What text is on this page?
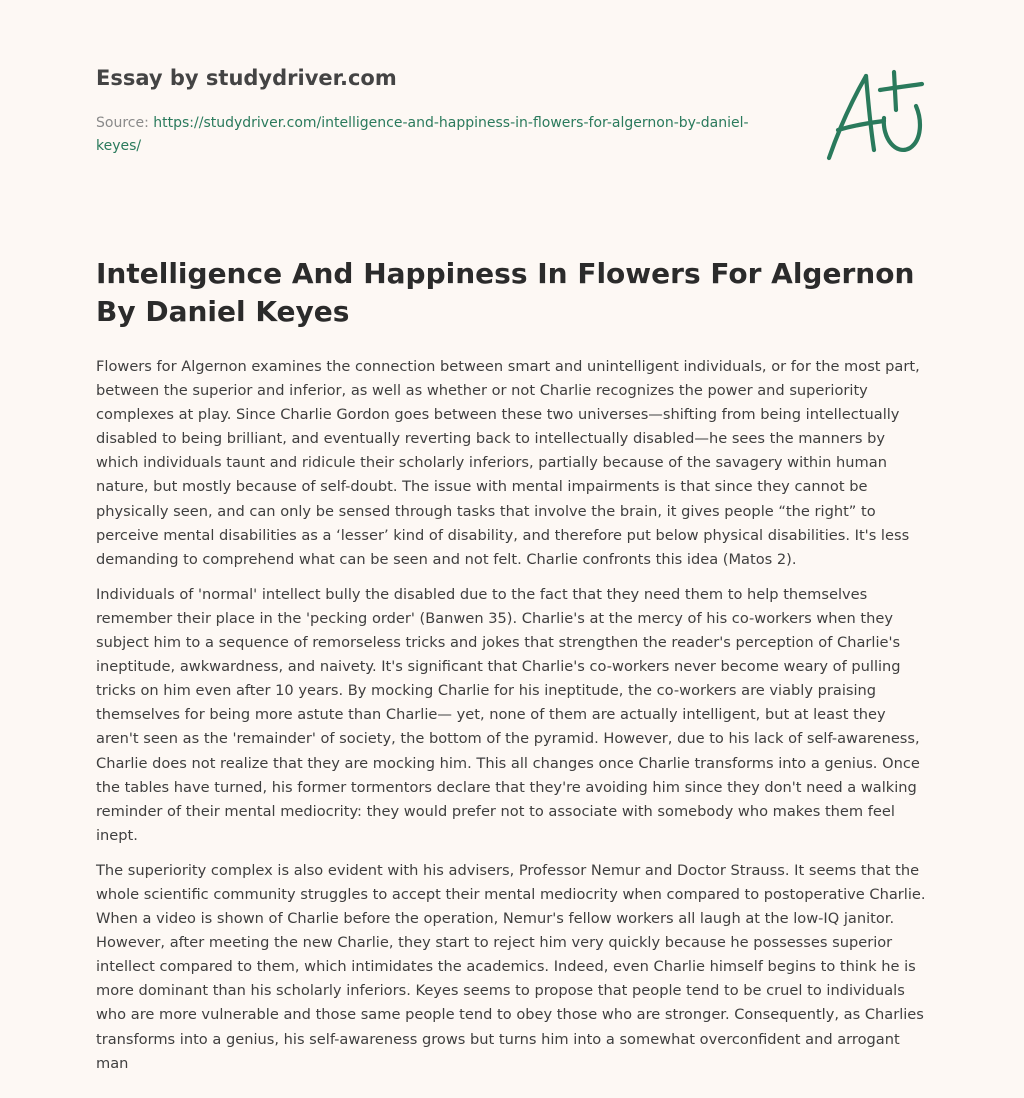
Essay by studydriver.com
Source: https://studydriver.com/intelligence-and-happiness-in-flowers-for-algernon-by-daniel-keyes/
Intelligence And Happiness In Flowers For Algernon By Daniel Keyes

Flowers for Algernon examines the connection between smart and unintelligent individuals, or for the most part, between the superior and inferior, as well as whether or not Charlie recognizes the power and superiority complexes at play. Since Charlie Gordon goes between these two universes—shifting from being intellectually disabled to being brilliant, and eventually reverting back to intellectually disabled—he sees the manners by which individuals taunt and ridicule their scholarly inferiors, partially because of the savagery within human nature, but mostly because of self-doubt. The issue with mental impairments is that since they cannot be physically seen, and can only be sensed through tasks that involve the brain, it gives people “the right” to perceive mental disabilities as a ‘lesser’ kind of disability, and therefore put below physical disabilities. It's less demanding to comprehend what can be seen and not felt. Charlie confronts this idea (Matos 2).

Individuals of 'normal' intellect bully the disabled due to the fact that they need them to help themselves remember their place in the 'pecking order' (Banwen 35). Charlie's at the mercy of his co-workers when they subject him to a sequence of remorseless tricks and jokes that strengthen the reader's perception of Charlie's ineptitude, awkwardness, and naivety. It's significant that Charlie's co-workers never become weary of pulling tricks on him even after 10 years. By mocking Charlie for his ineptitude, the co-workers are viably praising themselves for being more astute than Charlie— yet, none of them are actually intelligent, but at least they aren't seen as the 'remainder' of society, the bottom of the pyramid. However, due to his lack of self-awareness, Charlie does not realize that they are mocking him. This all changes once Charlie transforms into a genius. Once the tables have turned, his former tormentors declare that they're avoiding him since they don't need a walking reminder of their mental mediocrity: they would prefer not to associate with somebody who makes them feel inept.

The superiority complex is also evident with his advisers, Professor Nemur and Doctor Strauss. It seems that the whole scientific community struggles to accept their mental mediocrity when compared to postoperative Charlie. When a video is shown of Charlie before the operation, Nemur's fellow workers all laugh at the low-IQ janitor. However, after meeting the new Charlie, they start to reject him very quickly because he possesses superior intellect compared to them, which intimidates the academics. Indeed, even Charlie himself begins to think he is more dominant than his scholarly inferiors. Keyes seems to propose that people tend to be cruel to individuals who are more vulnerable and those same people tend to obey those who are stronger. Consequently, as Charlies transforms into a genius, his self-awareness grows but turns him into a somewhat overconfident and arrogant man
